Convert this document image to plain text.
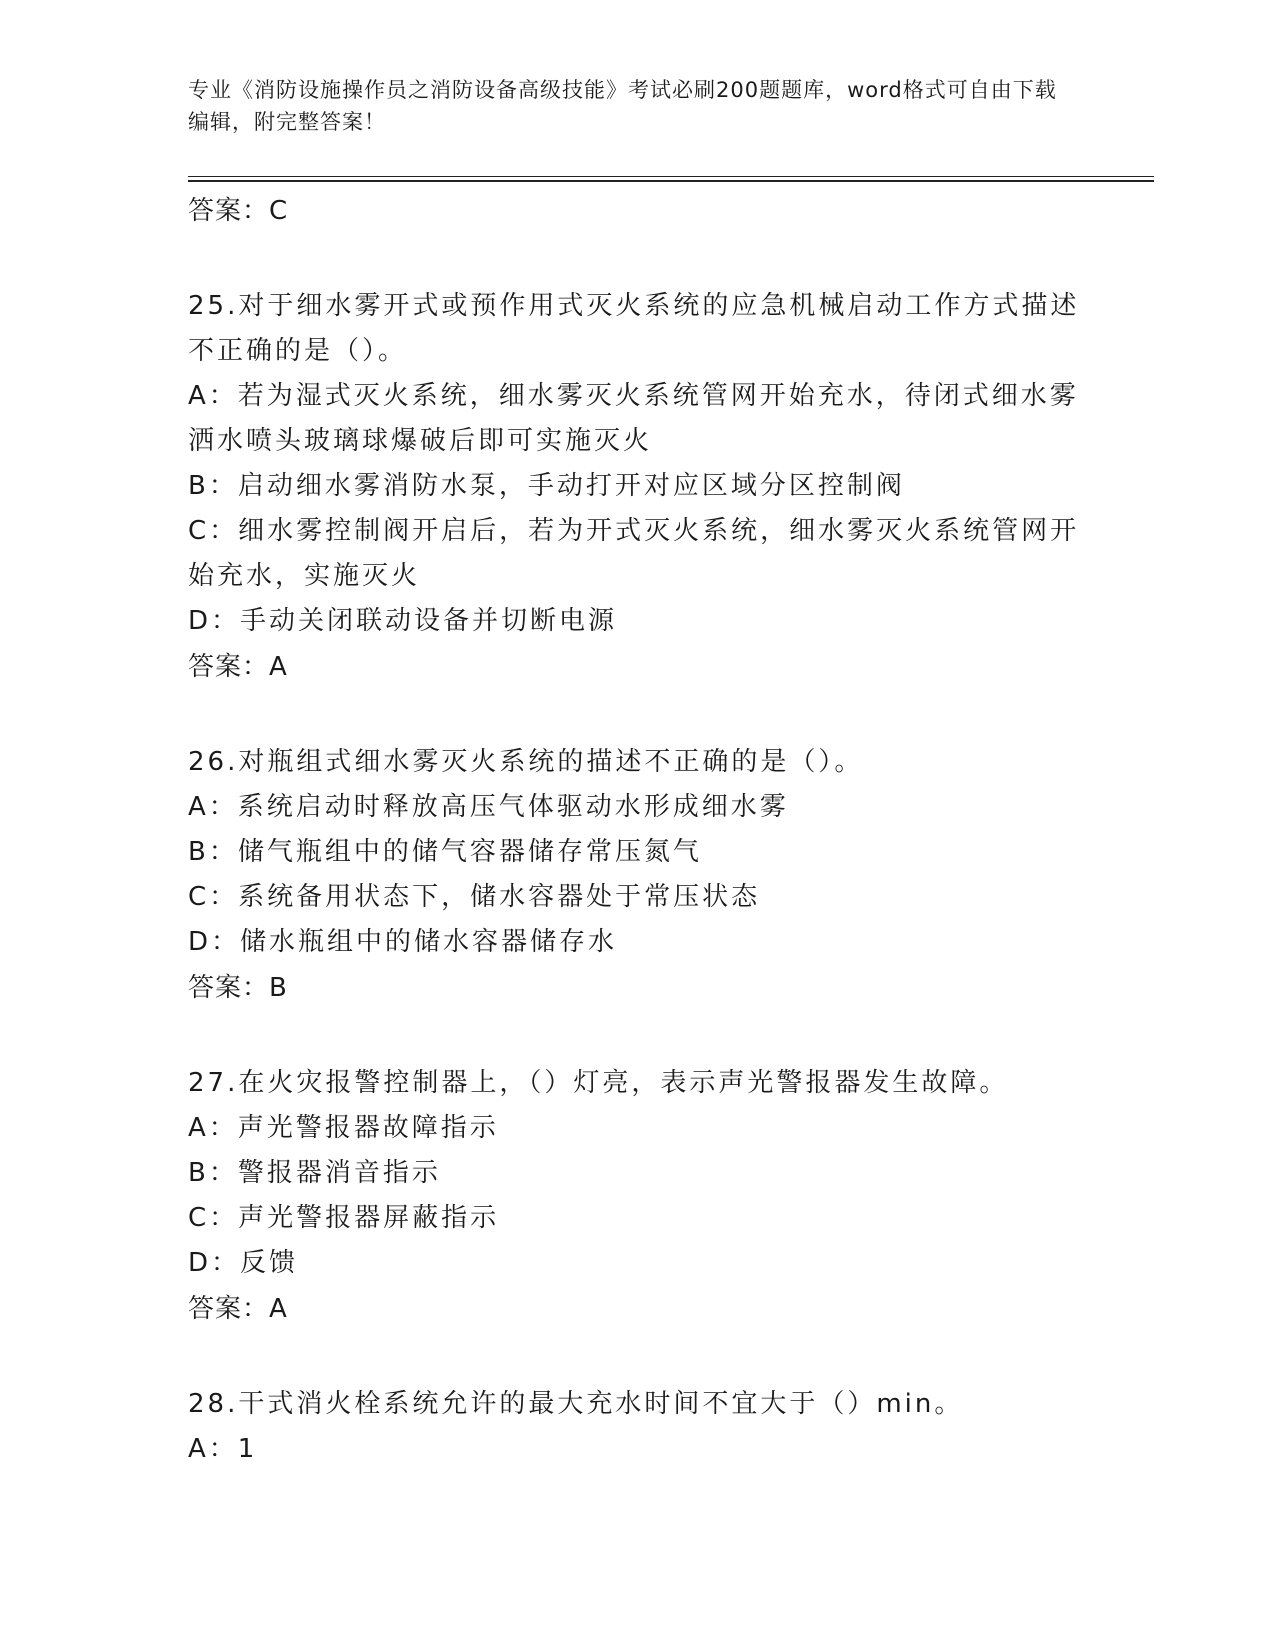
专业《消防设施操作员之消防设备高级技能》考试必刷200题题库，word格式可自由下载编辑，附完整答案！
答案：C
25.对于细水雾开式或预作用式灭火系统的应急机械启动工作方式描述不正确的是（）。
A：若为湿式灭火系统，细水雾灭火系统管网开始充水，待闭式细水雾洒水喷头玻璃球爆破后即可实施灭火
B：启动细水雾消防水泵，手动打开对应区域分区控制阀
C：细水雾控制阀开启后，若为开式灭火系统，细水雾灭火系统管网开始充水，实施灭火
D：手动关闭联动设备并切断电源
答案：A
26.对瓶组式细水雾灭火系统的描述不正确的是（）。
A：系统启动时释放高压气体驱动水形成细水雾
B：储气瓶组中的储气容器储存常压氮气
C：系统备用状态下，储水容器处于常压状态
D：储水瓶组中的储水容器储存水
答案：B
27.在火灾报警控制器上，（）灯亮，表示声光警报器发生故障。
A：声光警报器故障指示
B：警报器消音指示
C：声光警报器屏蔽指示
D：反馈
答案：A
28.干式消火栓系统允许的最大充水时间不宜大于（）min。
A：1
